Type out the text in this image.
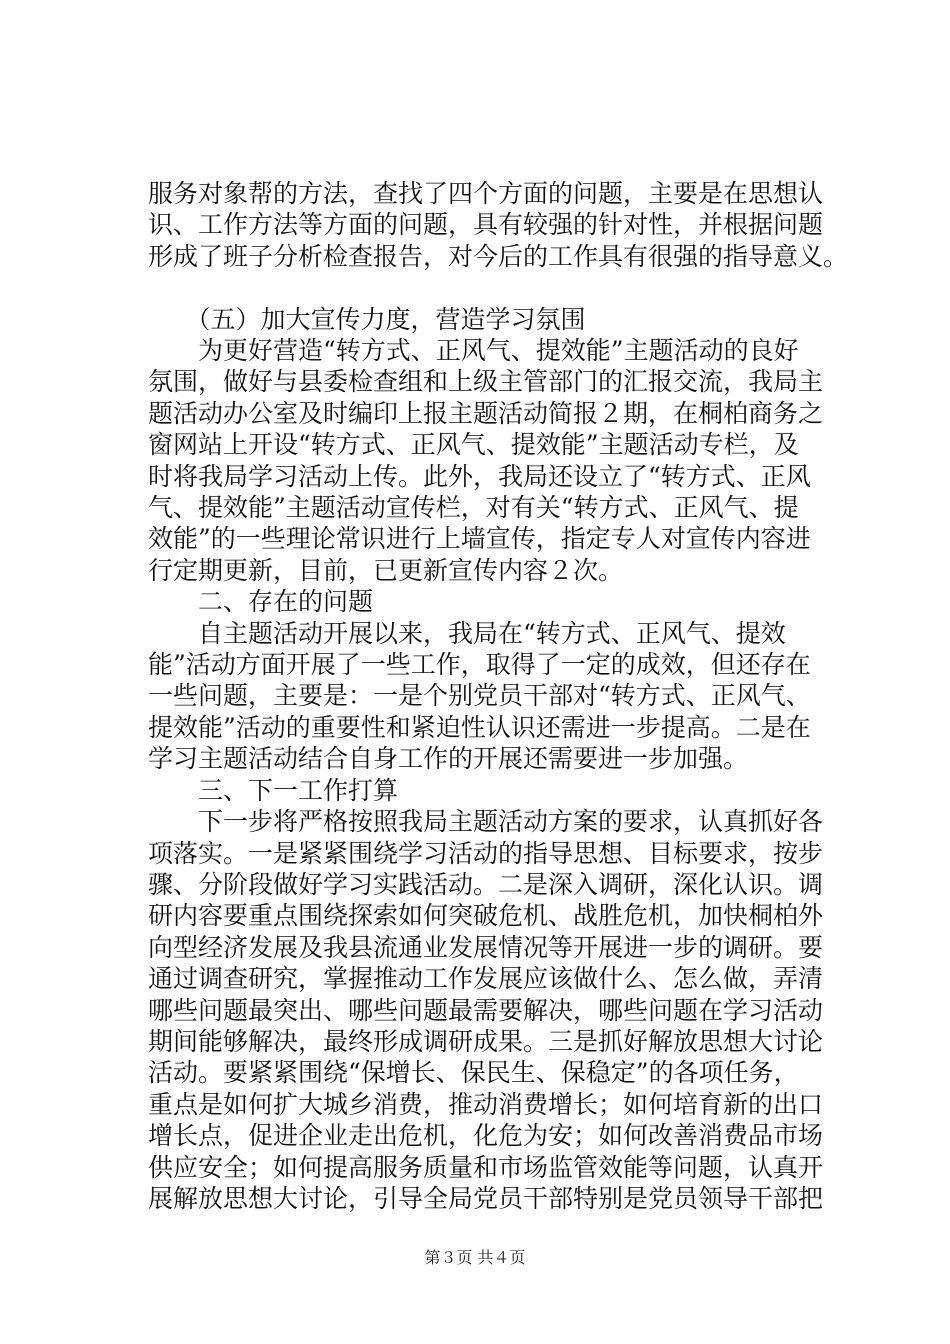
服务对象帮的方法，查找了四个方面的问题，主要是在思想认

识、工作方法等方面的问题，具有较强的针对性，并根据问题

形成了班子分析检查报告，对今后的工作具有很强的指导意义。

　　（五）加大宣传力度，营造学习氛围

　　为更好营造“转方式、正风气、提效能”主题活动的良好

氛围，做好与县委检查组和上级主管部门的汇报交流，我局主

题活动办公室及时编印上报主题活动简报２期，在桐柏商务之

窗网站上开设“转方式、正风气、提效能”主题活动专栏，及

时将我局学习活动上传。此外，我局还设立了“转方式、正风

气、提效能”主题活动宣传栏，对有关“转方式、正风气、提

效能”的一些理论常识进行上墙宣传，指定专人对宣传内容进

行定期更新，目前，已更新宣传内容２次。

　　二、存在的问题

　　自主题活动开展以来，我局在“转方式、正风气、提效

能”活动方面开展了一些工作，取得了一定的成效，但还存在

一些问题，主要是：一是个别党员干部对“转方式、正风气、

提效能”活动的重要性和紧迫性认识还需进一步提高。二是在

学习主题活动结合自身工作的开展还需要进一步加强。

　　三、下一工作打算

　　下一步将严格按照我局主题活动方案的要求，认真抓好各

项落实。一是紧紧围绕学习活动的指导思想、目标要求，按步

骤、分阶段做好学习实践活动。二是深入调研，深化认识。调

研内容要重点围绕探索如何突破危机、战胜危机，加快桐柏外

向型经济发展及我县流通业发展情况等开展进一步的调研。要

通过调查研究，掌握推动工作发展应该做什么、怎么做，弄清

哪些问题最突出、哪些问题最需要解决，哪些问题在学习活动

期间能够解决，最终形成调研成果。三是抓好解放思想大讨论

活动。要紧紧围绕“保增长、保民生、保稳定”的各项任务，

重点是如何扩大城乡消费，推动消费增长；如何培育新的出口

增长点，促进企业走出危机，化危为安；如何改善消费品市场

供应安全；如何提高服务质量和市场监管效能等问题，认真开

展解放思想大讨论，引导全局党员干部特别是党员领导干部把

第３页 共４页
